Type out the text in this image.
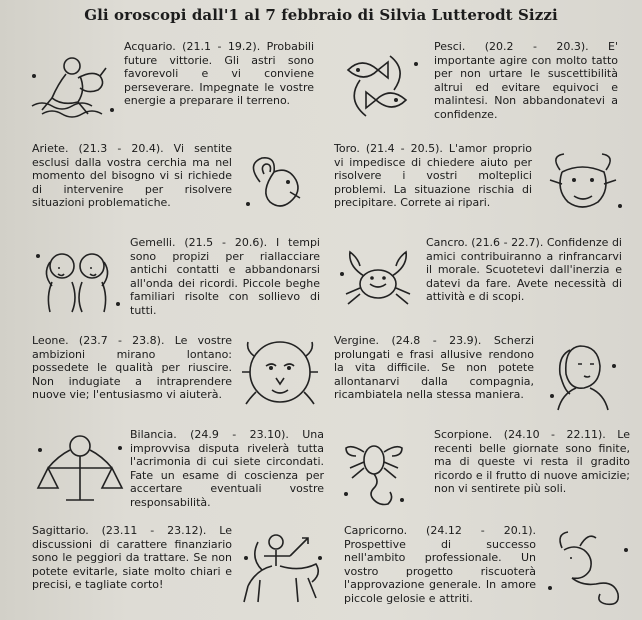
Gli oroscopi dall'1 al 7 febbraio di Silvia Lutterodt Sizzi
Acquario. (21.1 - 19.2). Probabili future vittorie. Gli astri sono favorevoli e vi conviene perseverare. Impegnate le vostre energie a preparare il terreno.
Pesci. (20.2 - 20.3). E' importante agire con molto tatto per non urtare le suscettibilità altrui ed evitare equivoci e malintesi. Non abbandonatevi a confidenze.
Ariete. (21.3 - 20.4). Vi sentite esclusi dalla vostra cerchia ma nel momento del bisogno vi si richiede di intervenire per risolvere situazioni problematiche.
Toro. (21.4 - 20.5). L'amor proprio vi impedisce di chiedere aiuto per risolvere i vostri molteplici problemi. La situazione rischia di precipitare. Correte ai ripari.
Gemelli. (21.5 - 20.6). I tempi sono propizi per riallacciare antichi contatti e abbandonarsi all'onda dei ricordi. Piccole beghe familiari risolte con sollievo di tutti.
Cancro. (21.6 - 22.7). Confidenze di amici contribuiranno a rinfrancarvi il morale. Scuotetevi dall'inerzia e datevi da fare. Avete necessità di attività e di scopi.
Leone. (23.7 - 23.8). Le vostre ambizioni mirano lontano: possedete le qualità per riuscire. Non indugiate a intraprendere nuove vie; l'entusiasmo vi aiuterà.
Vergine. (24.8 - 23.9). Scherzi prolungati e frasi allusive rendono la vita difficile. Se non potete allontanarvi dalla compagnia, ricambiatela nella stessa maniera.
Bilancia. (24.9 - 23.10). Una improvvisa disputa rivelerà tutta l'acrimonia di cui siete circondati. Fate un esame di coscienza per accertare eventuali vostre responsabilità.
Scorpione. (24.10 - 22.11). Le recenti belle giornate sono finite, ma di queste vi resta il gradito ricordo e il frutto di nuove amicizie; non vi sentirete più soli.
Sagittario. (23.11 - 23.12). Le discussioni di carattere finanziario sono le peggiori da trattare. Se non potete evitarle, siate molto chiari e precisi, e tagliate corto!
Capricorno. (24.12 - 20.1). Prospettive di successo nell'ambito professionale. Un vostro progetto riscuoterà l'approvazione generale. In amore piccole gelosie e attriti.
